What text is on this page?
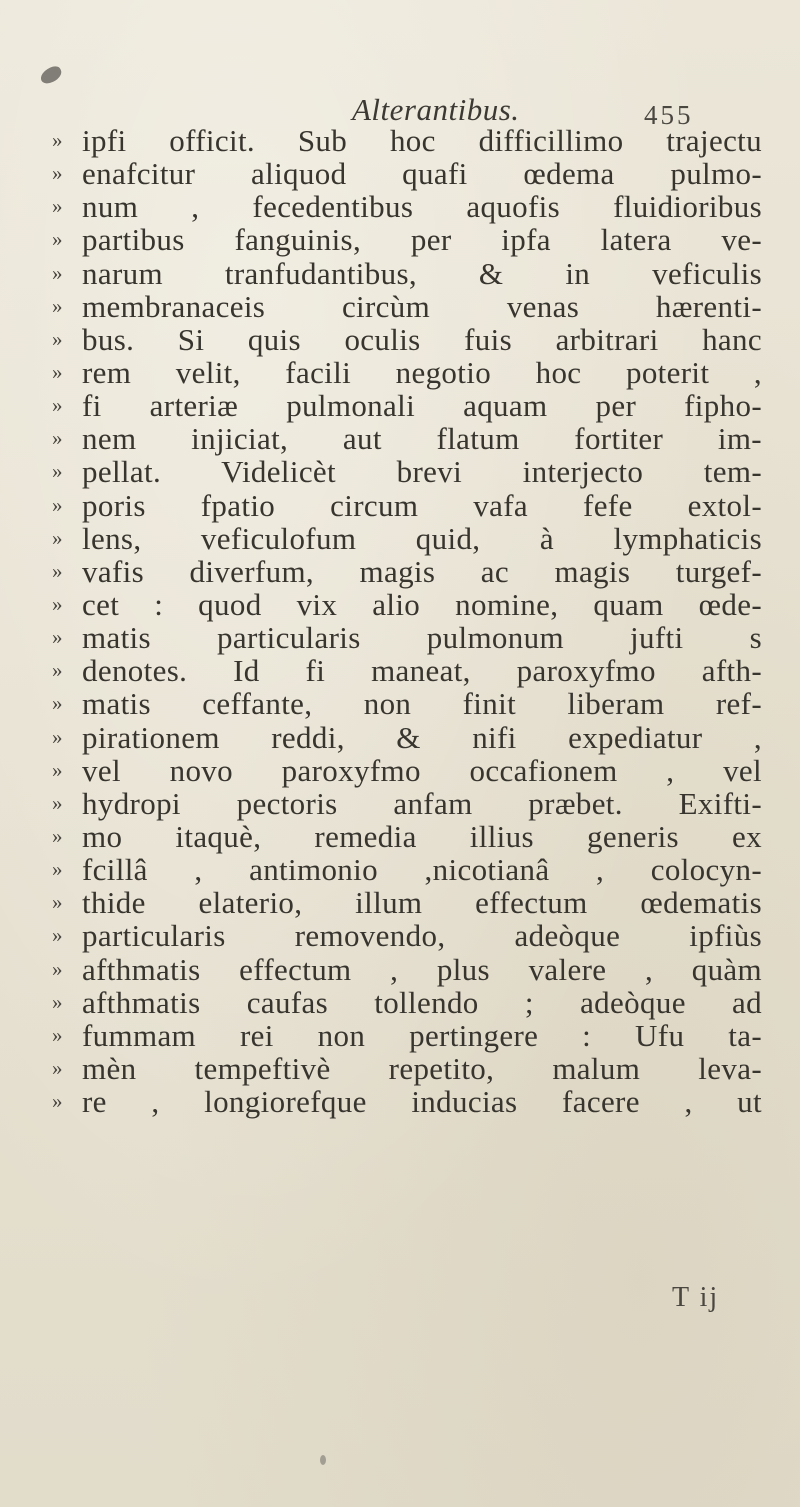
Alterantibus.	455
» ipfi officit. Sub hoc difficillimo trajectu
» enafcitur aliquod quafi œdema pulmo-
» num , fecedentibus aquofis fluidioribus
» partibus fanguinis, per ipfa latera ve-
» narum tranfudantibus, & in veficulis
» membranaceis circùm venas hærenti-
» bus. Si quis oculis fuis arbitrari hanc
» rem velit, facili negotio hoc poterit ,
» fi arteriæ pulmonali aquam per fipho-
» nem injiciat, aut flatum fortiter im-
» pellat. Videlicèt brevi interjecto tem-
» poris fpatio circum vafa fefe extol-
» lens, veficulofum quid, à lymphaticis
» vafis diverfum, magis ac magis turgef-
» cet : quod vix alio nomine, quam œde-
» matis particularis pulmonum jufti s
» denotes. Id fi maneat, paroxyfmo afth-
» matis ceffante, non finit liberam ref-
» pirationem reddi, & nifi expediatur ,
» vel novo paroxyfmo occafionem , vel
» hydropi pectoris anfam præbet. Exifti-
» mo itaquè, remedia illius generis ex
» fcillâ , antimonio ,nicotianâ , colocyn-
» thide elaterio, illum effectum œdematis
» particularis removendo, adeòque ipfiùs
» afthmatis effectum , plus valere , quàm
» afthmatis caufas tollendo ; adeòque ad
» fummam rei non pertingere : Ufu ta-
» mèn tempeftivè repetito, malum leva-
» re , longiorefque inducias facere , ut
T ij
